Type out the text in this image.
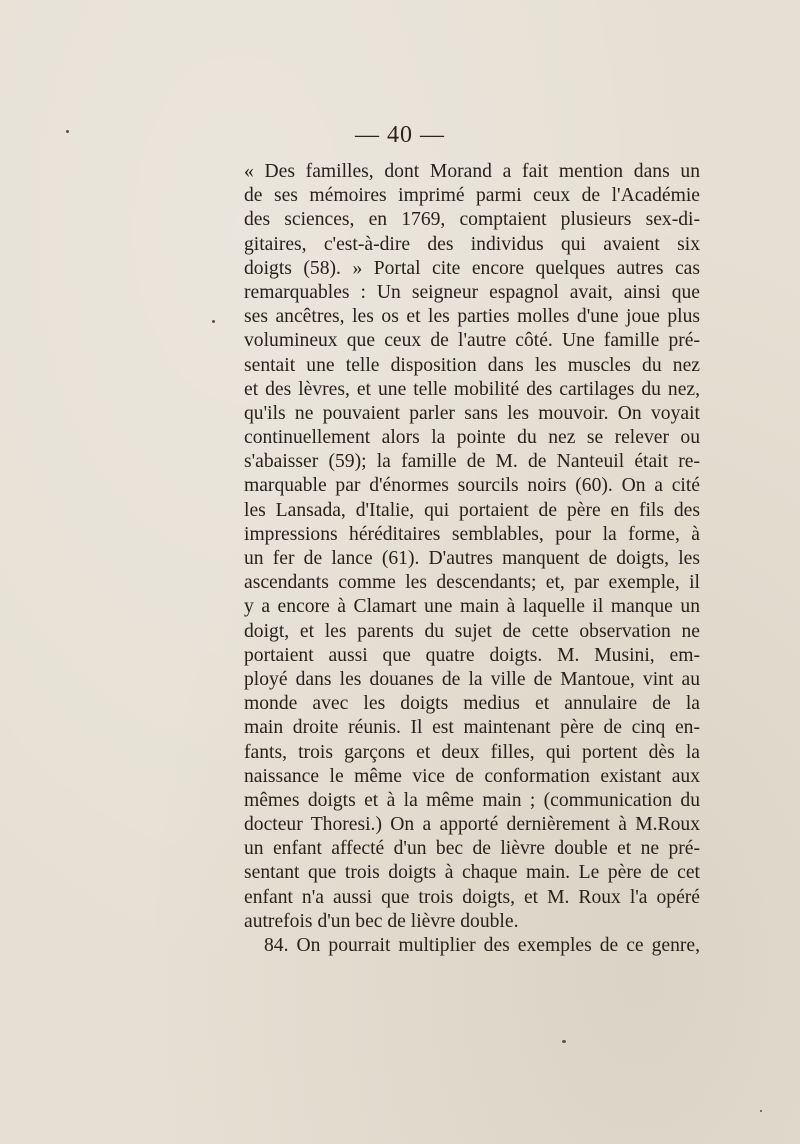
— 40 —
« Des familles, dont Morand a fait mention dans un
de ses mémoires imprimé parmi ceux de l'Académie
des sciences, en 1769, comptaient plusieurs sex-di-
gitaires, c'est-à-dire des individus qui avaient six
doigts (58). » Portal cite encore quelques autres cas
remarquables : Un seigneur espagnol avait, ainsi que
ses ancêtres, les os et les parties molles d'une joue plus
volumineux que ceux de l'autre côté. Une famille pré-
sentait une telle disposition dans les muscles du nez
et des lèvres, et une telle mobilité des cartilages du nez,
qu'ils ne pouvaient parler sans les mouvoir. On voyait
continuellement alors la pointe du nez se relever ou
s'abaisser (59); la famille de M. de Nanteuil était re-
marquable par d'énormes sourcils noirs (60). On a cité
les Lansada, d'Italie, qui portaient de père en fils des
impressions héréditaires semblables, pour la forme, à
un fer de lance (61). D'autres manquent de doigts, les
ascendants comme les descendants; et, par exemple, il
y a encore à Clamart une main à laquelle il manque un
doigt, et les parents du sujet de cette observation ne
portaient aussi que quatre doigts. M. Musini, em-
ployé dans les douanes de la ville de Mantoue, vint au
monde avec les doigts medius et annulaire de la
main droite réunis. Il est maintenant père de cinq en-
fants, trois garçons et deux filles, qui portent dès la
naissance le même vice de conformation existant aux
mêmes doigts et à la même main ; (communication du
docteur Thoresi.) On a apporté dernièrement à M.Roux
un enfant affecté d'un bec de lièvre double et ne pré-
sentant que trois doigts à chaque main. Le père de cet
enfant n'a aussi que trois doigts, et M. Roux l'a opéré
autrefois d'un bec de lièvre double.
84. On pourrait multiplier des exemples de ce genre,
